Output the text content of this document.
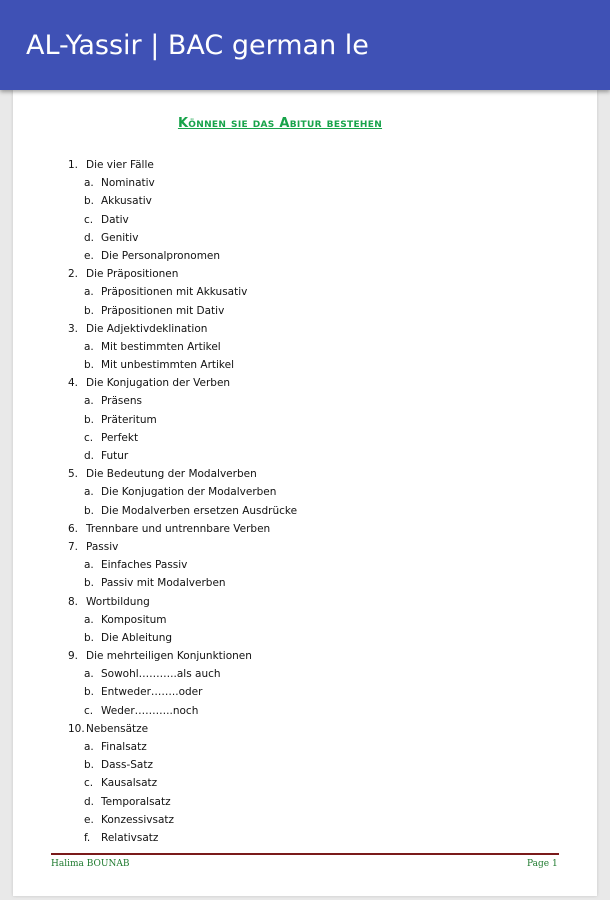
AL-Yassir | BAC german le
Können sie das Abitur bestehen
1. Die vier Fälle
a. Nominativ
b. Akkusativ
c. Dativ
d. Genitiv
e. Die Personalpronomen
2. Die Präpositionen
a. Präpositionen mit Akkusativ
b. Präpositionen mit Dativ
3. Die Adjektivdeklination
a. Mit bestimmten Artikel
b. Mit unbestimmten Artikel
4. Die Konjugation der Verben
a. Präsens
b. Präteritum
c. Perfekt
d. Futur
5. Die Bedeutung der Modalverben
a. Die Konjugation der Modalverben
b. Die Modalverben ersetzen Ausdrücke
6. Trennbare und untrennbare Verben
7. Passiv
a. Einfaches Passiv
b. Passiv mit Modalverben
8. Wortbildung
a. Kompositum
b. Die Ableitung
9. Die mehrteiligen Konjunktionen
a. Sowohl………..als auch
b. Entweder……..oder
c. Weder………..noch
10.Nebensätze
a. Finalsatz
b. Dass-Satz
c. Kausalsatz
d. Temporalsatz
e. Konzessivsatz
f. Relativsatz
Halima BOUNAB	Page 1
